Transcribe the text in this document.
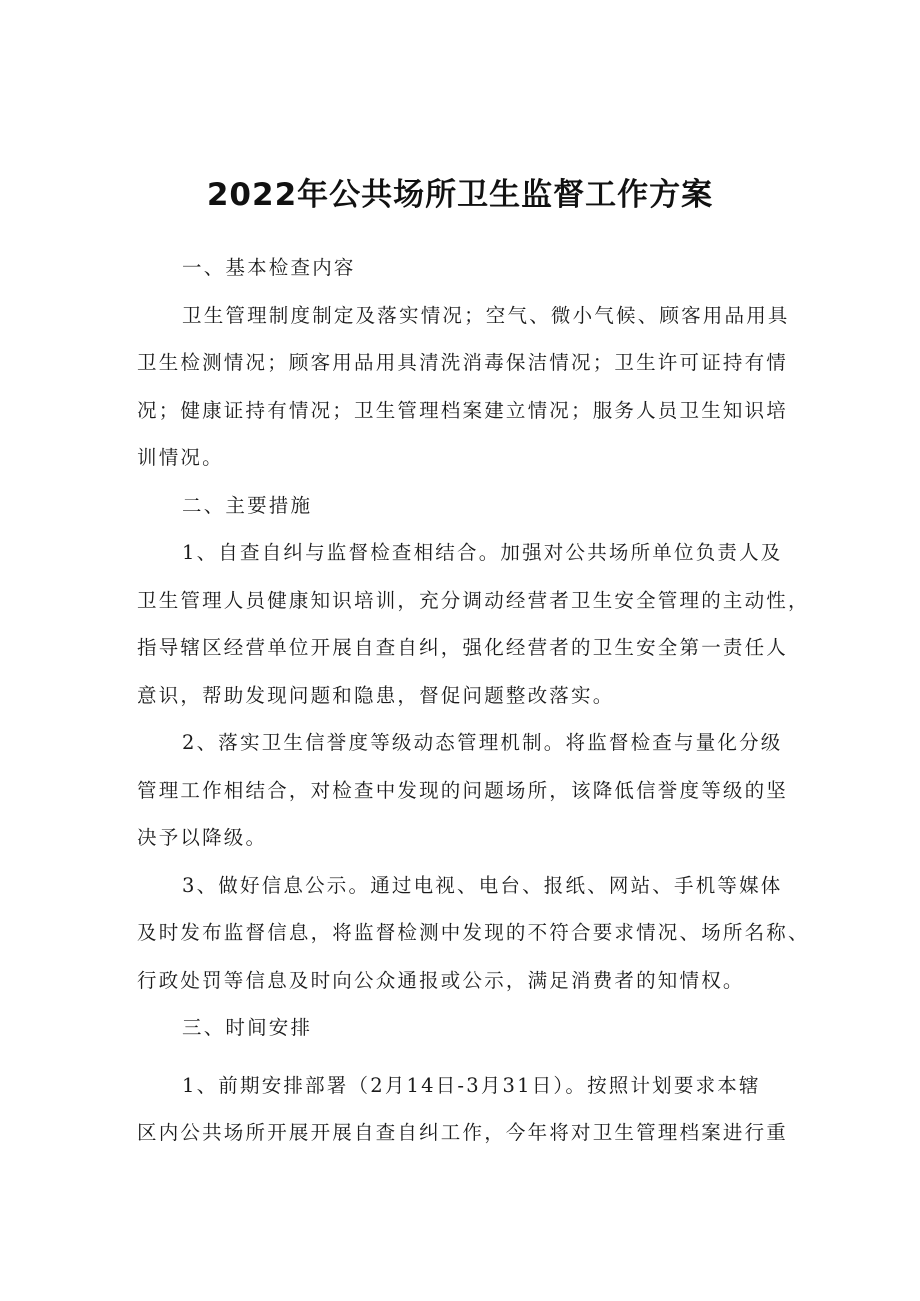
2022年公共场所卫生监督工作方案
一、基本检查内容
卫生管理制度制定及落实情况；空气、微小气候、顾客用品用具
卫生检测情况；顾客用品用具清洗消毒保洁情况；卫生许可证持有情
况；健康证持有情况；卫生管理档案建立情况；服务人员卫生知识培
训情况。
二、主要措施
1、自查自纠与监督检查相结合。加强对公共场所单位负责人及
卫生管理人员健康知识培训，充分调动经营者卫生安全管理的主动性，
指导辖区经营单位开展自查自纠，强化经营者的卫生安全第一责任人
意识，帮助发现问题和隐患，督促问题整改落实。
2、落实卫生信誉度等级动态管理机制。将监督检查与量化分级
管理工作相结合，对检查中发现的问题场所，该降低信誉度等级的坚
决予以降级。
3、做好信息公示。通过电视、电台、报纸、网站、手机等媒体
及时发布监督信息，将监督检测中发现的不符合要求情况、场所名称、
行政处罚等信息及时向公众通报或公示，满足消费者的知情权。
三、时间安排
1、前期安排部署（2月14日-3月31日）。按照计划要求本辖
区内公共场所开展开展自查自纠工作，今年将对卫生管理档案进行重
